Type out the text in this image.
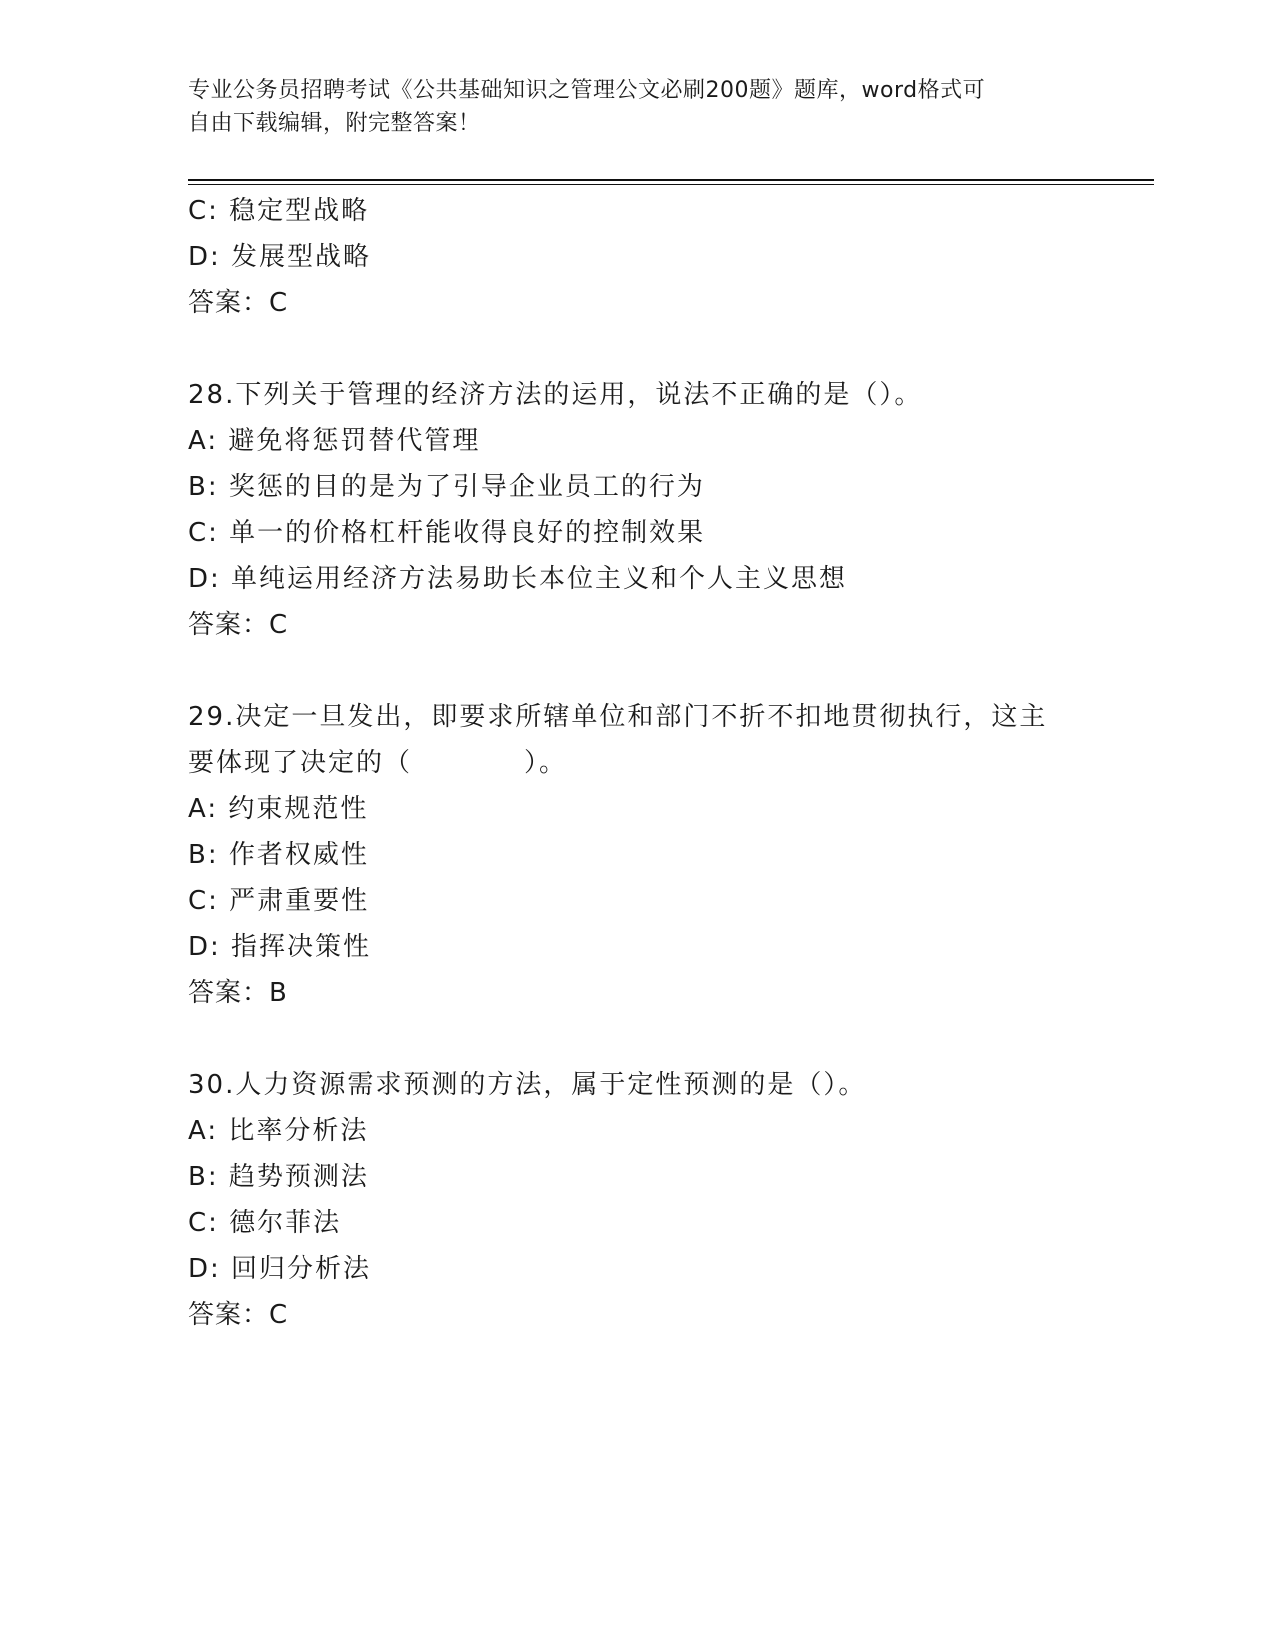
专业公务员招聘考试《公共基础知识之管理公文必刷200题》题库，word格式可
自由下载编辑，附完整答案！
C: 稳定型战略
D: 发展型战略
答案：C
28.下列关于管理的经济方法的运用，说法不正确的是（）。
A: 避免将惩罚替代管理
B: 奖惩的目的是为了引导企业员工的行为
C: 单一的价格杠杆能收得良好的控制效果
D: 单纯运用经济方法易助长本位主义和个人主义思想
答案：C
29.决定一旦发出，即要求所辖单位和部门不折不扣地贯彻执行，这主
要体现了决定的（　　　　）。
A: 约束规范性
B: 作者权威性
C: 严肃重要性
D: 指挥决策性
答案：B
30.人力资源需求预测的方法，属于定性预测的是（）。
A: 比率分析法
B: 趋势预测法
C: 德尔菲法
D: 回归分析法
答案：C
